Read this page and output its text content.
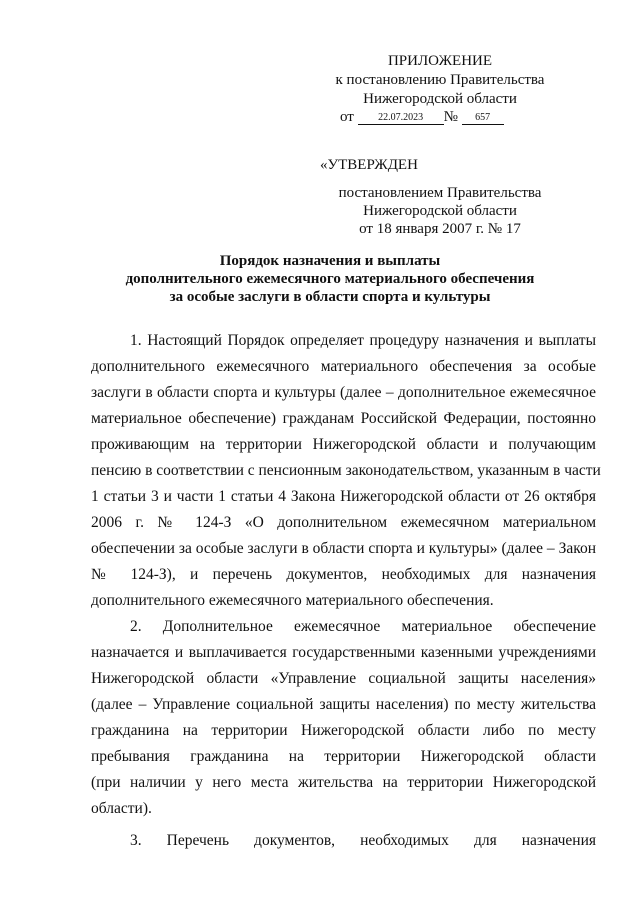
ПРИЛОЖЕНИЕ
к постановлению Правительства
Нижегородской области
от 22.07.2023 № 657
«УТВЕРЖДЕН
постановлением Правительства
Нижегородской области
от 18 января 2007 г. № 17
Порядок назначения и выплаты
дополнительного ежемесячного материального обеспечения
за особые заслуги в области спорта и культуры
1. Настоящий Порядок определяет процедуру назначения и выплаты
дополнительного ежемесячного материального обеспечения за особые
заслуги в области спорта и культуры (далее – дополнительное ежемесячное
материальное обеспечение) гражданам Российской Федерации, постоянно
проживающим на территории Нижегородской области и получающим
пенсию в соответствии с пенсионным законодательством, указанным в части
1 статьи 3 и части 1 статьи 4 Закона Нижегородской области от 26 октября
2006 г. № 124-З «О дополнительном ежемесячном материальном
обеспечении за особые заслуги в области спорта и культуры» (далее – Закон
№ 124-З), и перечень документов, необходимых для назначения
дополнительного ежемесячного материального обеспечения.
2. Дополнительное ежемесячное материальное обеспечение
назначается и выплачивается государственными казенными учреждениями
Нижегородской области «Управление социальной защиты населения»
(далее – Управление социальной защиты населения) по месту жительства
гражданина на территории Нижегородской области либо по месту
пребывания гражданина на территории Нижегородской области
(при наличии у него места жительства на территории Нижегородской
области).
3. Перечень документов, необходимых для назначения
